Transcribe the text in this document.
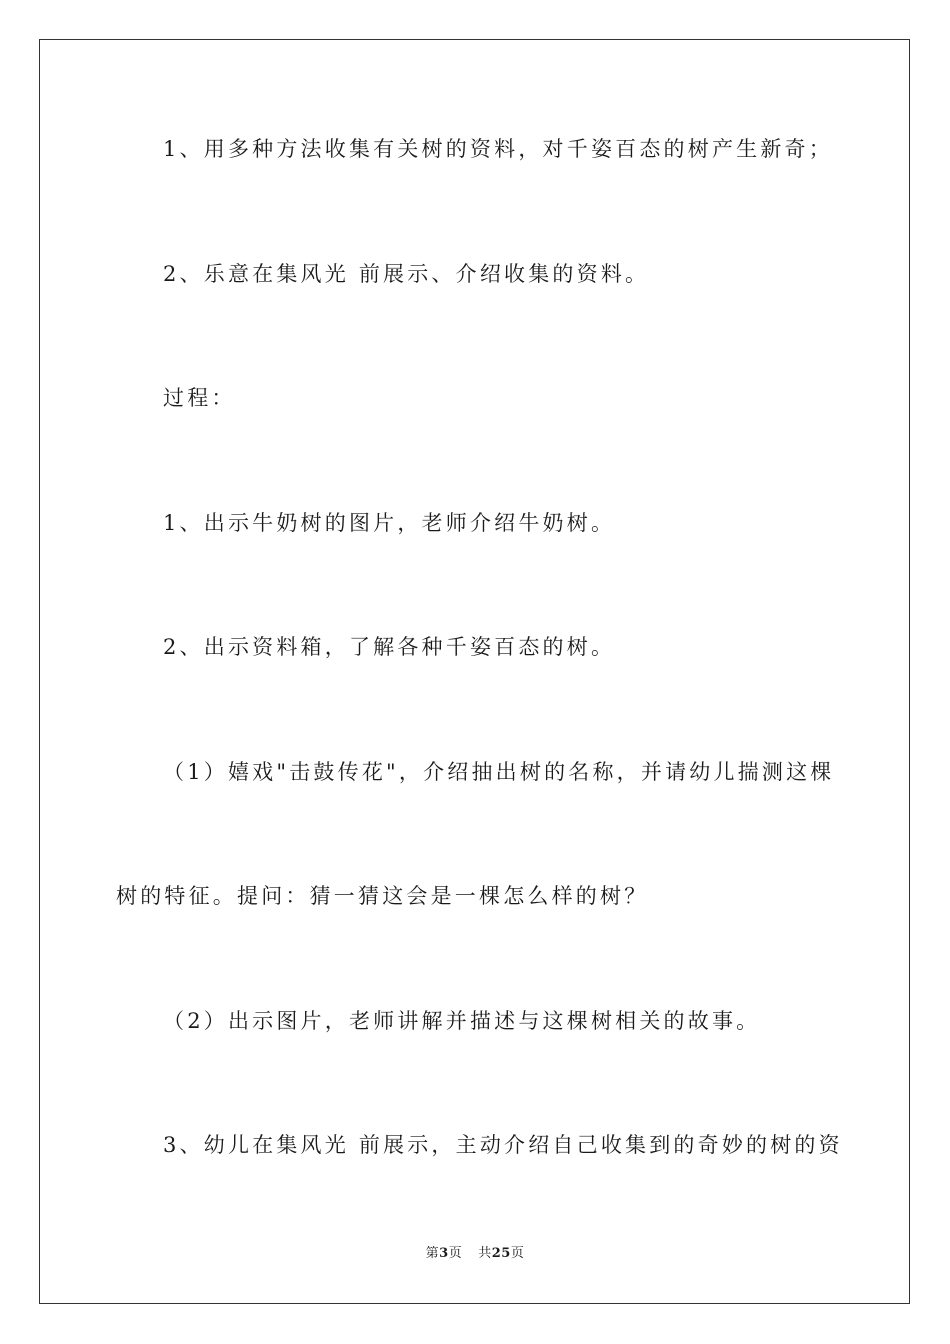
1、用多种方法收集有关树的资料，对千姿百态的树产生新奇；
2、乐意在集风光 前展示、介绍收集的资料。
过程：
1、出示牛奶树的图片，老师介绍牛奶树。
2、出示资料箱，了解各种千姿百态的树。
（1）嬉戏"击鼓传花"，介绍抽出树的名称，并请幼儿揣测这棵
树的特征。提问：猜一猜这会是一棵怎么样的树？
（2）出示图片，老师讲解并描述与这棵树相关的故事。
3、幼儿在集风光 前展示，主动介绍自己收集到的奇妙的树的资
第3页 共25页
